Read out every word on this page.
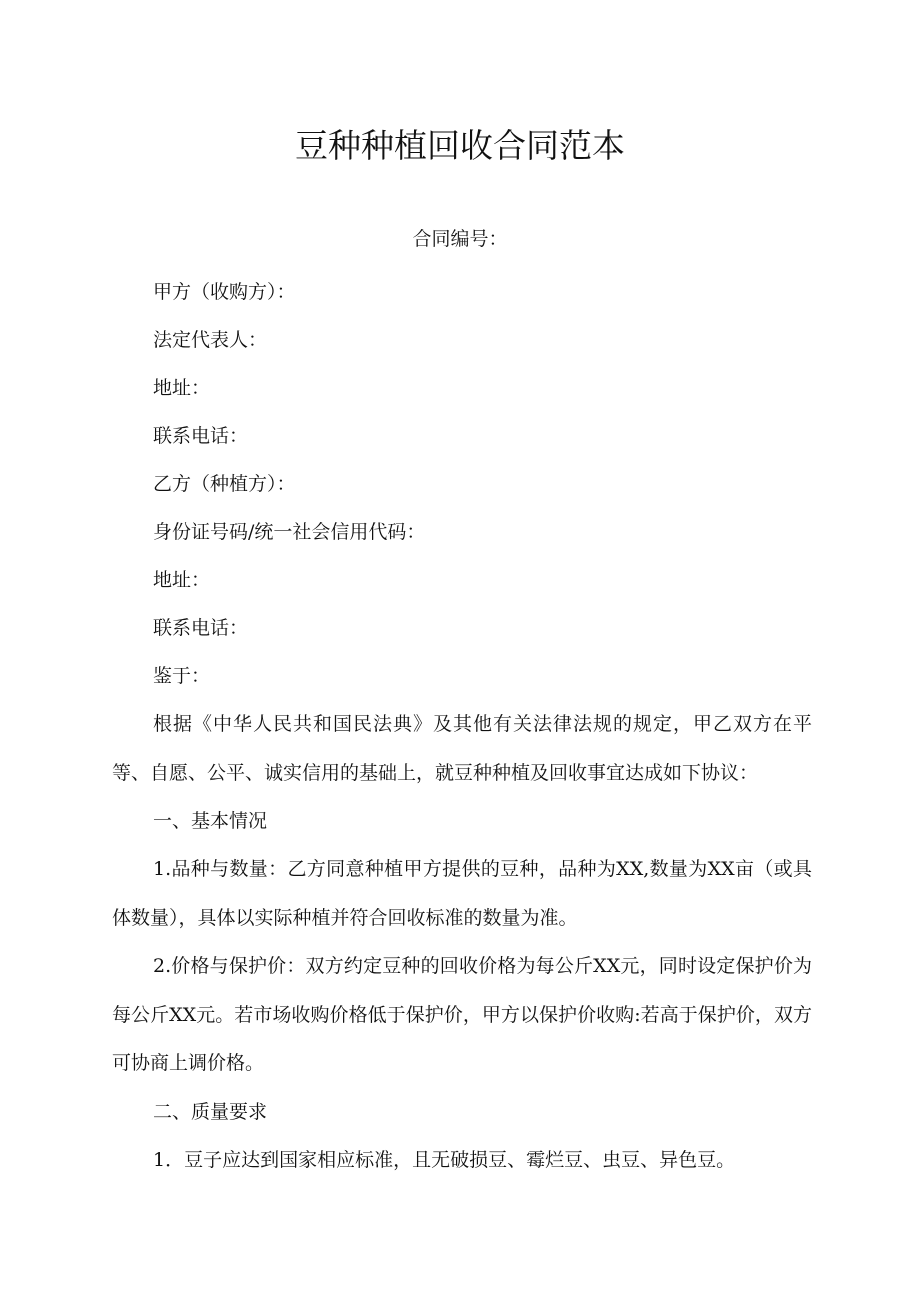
豆种种植回收合同范本
合同编号：
甲方（收购方）：
法定代表人：
地址：
联系电话：
乙方（种植方）：
身份证号码/统一社会信用代码：
地址：
联系电话：
鉴于：

根据《中华人民共和国民法典》及其他有关法律法规的规定，甲乙双方在平等、自愿、公平、诚实信用的基础上，就豆种种植及回收事宜达成如下协议：

一、基本情况

1.品种与数量：乙方同意种植甲方提供的豆种，品种为XX,数量为XX亩（或具体数量），具体以实际种植并符合回收标准的数量为准。

2.价格与保护价：双方约定豆种的回收价格为每公斤XX元，同时设定保护价为每公斤XX元。若市场收购价格低于保护价，甲方以保护价收购:若高于保护价，双方可协商上调价格。

二、质量要求

1．豆子应达到国家相应标准，且无破损豆、霉烂豆、虫豆、异色豆。
